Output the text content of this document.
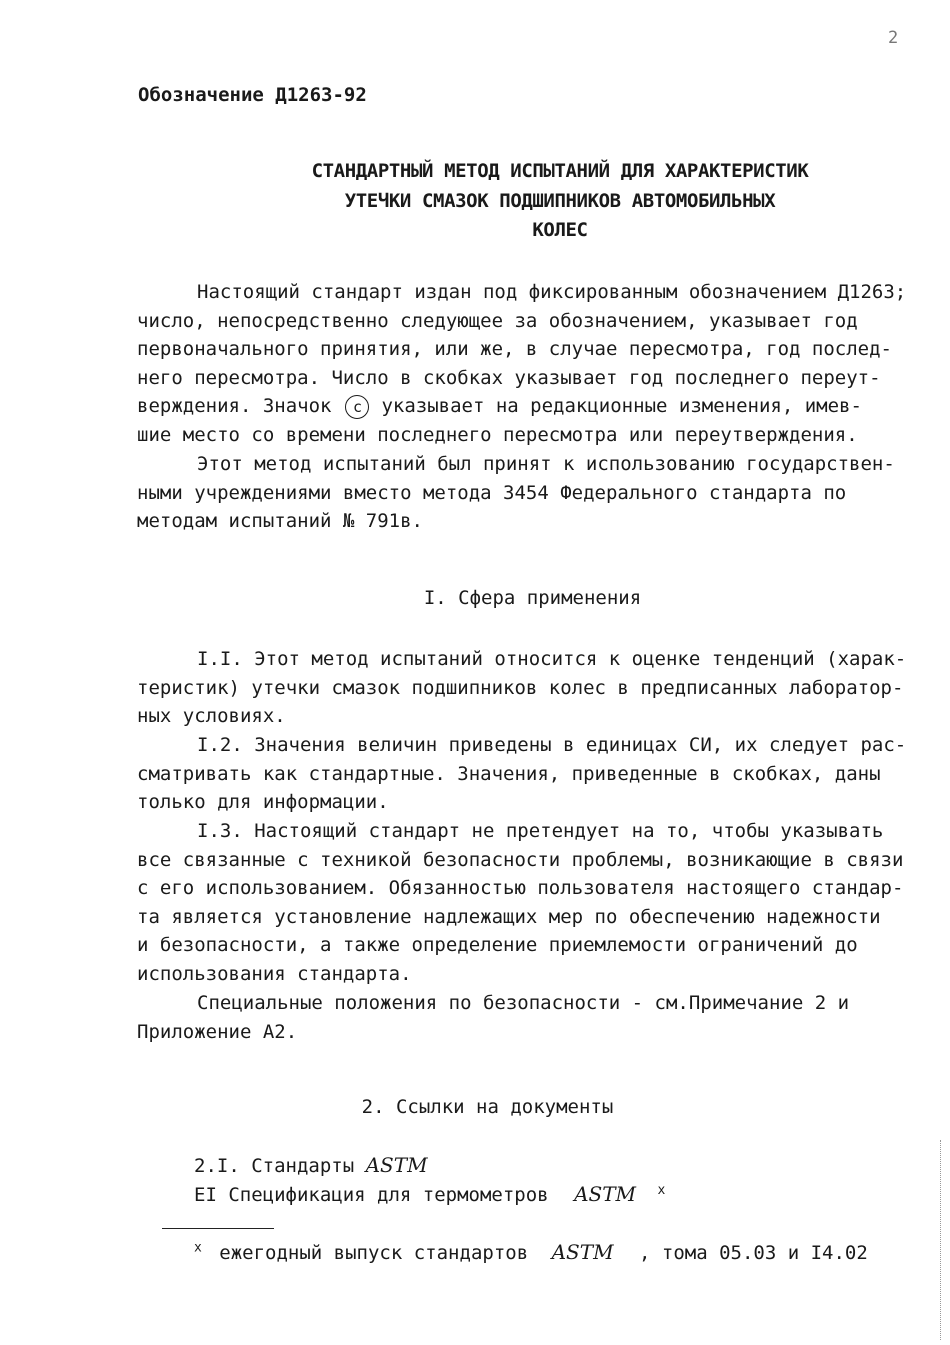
2
Обозначение Д1263-92
СТАНДАРТНЫЙ МЕТОД ИСПЫТАНИЙ ДЛЯ ХАРАКТЕРИСТИК
УТЕЧКИ СМАЗОК ПОДШИПНИКОВ АВТОМОБИЛЬНЫХ
КОЛЕС
Настоящий стандарт издан под фиксированным обозначением Д1263;
число, непосредственно следующее за обозначением, указывает год
первоначального принятия, или же, в случае пересмотра, год послед-
него пересмотра. Число в скобках указывает год последнего переут-
верждения. Значок c указывает на редакционные изменения, имев-
шие место со времени последнего пересмотра или переутверждения.
Этот метод испытаний был принят к использованию государствен-
ными учреждениями вместо метода 3454 Федерального стандарта по
методам испытаний № 791в.
I. Сфера применения
I.I. Этот метод испытаний относится к оценке тенденций (харак-
теристик) утечки смазок подшипников колес в предписанных лаборатор-
ных условиях.
I.2. Значения величин приведены в единицах СИ, их следует рас-
сматривать как стандартные. Значения, приведенные в скобках, даны
только для информации.
I.3. Настоящий стандарт не претендует на то, чтобы указывать
все связанные с техникой безопасности проблемы, возникающие в связи
с его использованием. Обязанностью пользователя настоящего стандар-
та является установление надлежащих мер по обеспечению надежности
и безопасности, а также определение приемлемости ограничений до
использования стандарта.
Специальные положения по безопасности - см.Примечание 2 и
Приложение А2.
2. Ссылки на документы
2.I. Стандарты ASTM
EI Спецификация для термометров ASTM $^x$
$^x$ ежегодный выпуск стандартов ASTM , тома 05.03 и I4.02
